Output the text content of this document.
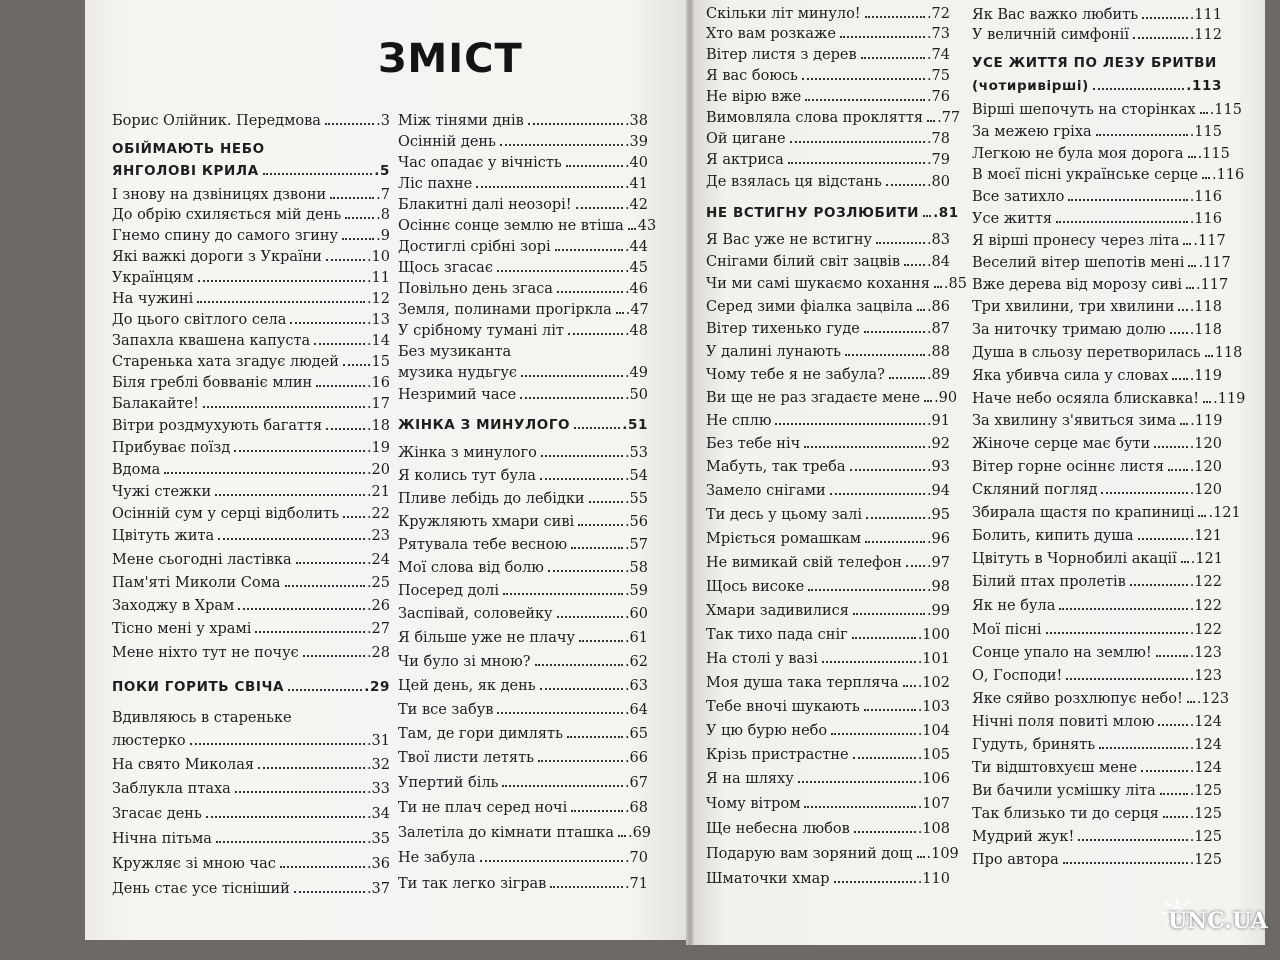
ЗМІСТ
Борис Олійник. Передмова	.3
ОБІЙМАЮТЬ НЕБО
ЯНГОЛОВІ КРИЛА	.5
І знову на дзвіницях дзвони	.7
До обрію схиляється мій день .8
Гнемо спину до самого згину	.9
Які важкі дороги з України	.10
Українцям	.11
На чужині	.12
До цього світлого села	.13
Запахла квашена капуста	.14
Старенька хата згадує людей 15
Біля греблі бовваніє млин	.16
Балакайте!	.17
Вітри роздмухують багаття	.18
Прибуває поїзд	.19
Вдома	.20
Чужі стежки	.21
Осінній сум у серці відболить .22
Цвітуть жита	.23
Мене сьогодні ластівка	.24
Пам'яті Миколи Сома	.25
Заходжу в Храм	.26
Тісно мені у храмі	.27
Мене ніхто тут не почує	.28
ПОКИ ГОРИТЬ СВІЧА	.29
Вдивляюсь в стареньке
люстерко	.31
На свято Миколая	.32
Заблукла птаха	.33
Згасає день	.34
Нічна пітьма	.35
Кружляє зі мною час	.36
День стає усе тісніший	.37
Між тінями днів	.38
Осінній день	.39
Час опадає у вічність	.40
Ліс пахне	.41
Блакитні далі неозорі!	.42
Осіннє сонце землю не втіша 43
Достиглі срібні зорі	.44
Щось згасає	.45
Повільно день згаса	.46
Земля, полинами прогіркла .47
У срібному тумані літ	.48
Без музиканта
музика нудьгує	.49
Незримий часе	.50
ЖІНКА З МИНУЛОГО	.51
Жінка з минулого	.53
Я колись тут була	.54
Пливе лебідь до лебідки	.55
Кружляють хмари сиві	.56
Рятувала тебе весною	.57
Мої слова від болю	.58
Посеред долі	.59
Заспівай, соловейку	.60
Я більше уже не плачу	.61
Чи було зі мною?	.62
Цей день, як день	.63
Ти все забув	.64
Там, де гори димлять	.65
Твої листи летять	.66
Упертий біль	.67
Ти не плач серед ночі	.68
Залетіла до кімнати пташка .69
Не забула	.70
Ти так легко зіграв	.71
Скільки літ минуло!	.72
Хто вам розкаже	.73
Вітер листя з дерев	.74
Я вас боюсь	.75
Не вірю вже	.76
Вимовляла слова прокляття .77
Ой цигане	.78
Я актриса	.79
Де взялась ця відстань	.80
НЕ ВСТИГНУ РОЗЛЮБИТИ .81
Я Вас уже не встигну	.83
Снігами білий світ зацвів .84
Чи ми самі шукаємо кохання .85
Серед зими фіалка зацвіла .86
Вітер тихенько гуде	.87
У далині лунають	.88
Чому тебе я не забула?	.89
Ви ще не раз згадаєте мене .90
Не сплю	.91
Без тебе ніч	.92
Мабуть, так треба	.93
Замело снігами	.94
Ти десь у цьому залі	.95
Мріється ромашкам	.96
Не вимикай свій телефон .97
Щось високе	.98
Хмари задивилися	.99
Так тихо пада сніг	.100
На столі у вазі	.101
Моя душа така терпляча .102
Тебе вночі шукають	.103
У цю бурю небо	.104
Крізь пристрастне	.105
Я на шляху	.106
Чому вітром	.107
Ще небесна любов	.108
Подарую вам зоряний дощ .109
Шматочки хмар	.110
Як Вас важко любить	.111
У величній симфонії	.112
УСЕ ЖИТТЯ ПО ЛЕЗУ БРИТВИ
(чотиривірші)	.113
Вірші шепочуть на сторінках .115
За межею гріха	.115
Легкою не була моя дорога .115
В моєї пісні українське серце .116
Все затихло	.116
Усе життя	.116
Я вірші пронесу через літа .117
Веселий вітер шепотів мені .117
Вже дерева від морозу сиві .117
Три хвилини, три хвилини .118
За ниточку тримаю долю .118
Душа в сльозу перетворилась 118
Яка убивча сила у словах .119
Наче небо осяяла блискавка! .119
За хвилину з'явиться зима .119
Жіноче серце має бути	.120
Вітер горне осіннє листя .120
Скляний погляд	.120
Збирала щастя по крапиниці .121
Болить, кипить душа	.121
Цвітуть в Чорнобилі акації .121
Білий птах пролетів	.122
Як не була	.122
Мої пісні	.122
Сонце упало на землю!	.123
О, Господи!	.123
Яке сяйво розхлюпує небо! .123
Нічні поля повиті млою .124
Гудуть, бринять	.124
Ти відштовхуєш мене	.124
Ви бачили усмішку літа .125
Так близько ти до серця .125
Мудрий жук!	.125
Про автора	.125
UNC.UA
